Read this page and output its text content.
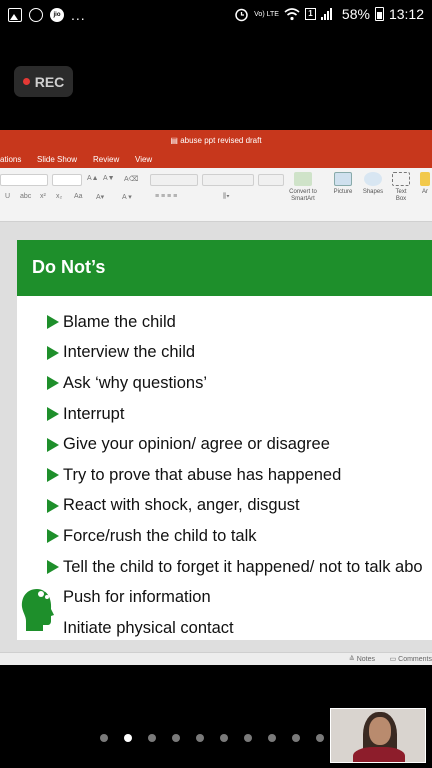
jio ...	Vo) LTE	1 58% 13:12
REC
▤ abuse ppt revised draft
ations Slide Show Review View
A▲ A▼ A⌫
U abc x² x₂ Aa A▾	A ▾	≡ ≡ ≡ ≡	⫼▾
Convert to SmartArt
Picture	Shapes	Text Box
Ar
Do Not’s
Blame the child
Interview the child
Ask ‘why questions’
Interrupt
Give your opinion/ agree or disagree
Try to prove that abuse has happened
React with shock, anger, disgust
Force/rush the child to talk
Tell the child to forget it happened/ not to talk abo
Push for information
Initiate physical contact
≙ Notes ▭ Comments
